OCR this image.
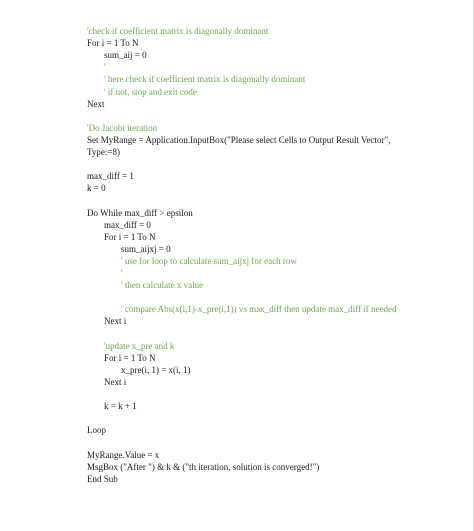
'check if coefficient matrix is diagonally dominant
For i = 1 To N
sum_aij = 0
'
' here check if coefficient matrix is diagonally dominant
' if not, stop and exit code
Next
'Do Jacobi iteration
Set MyRange = Application.InputBox("Please select Cells to Output Result Vector",
Type:=8)
max_diff = 1
k = 0
Do While max_diff > epsilon
max_diff = 0
For i = 1 To N
sum_aijxj = 0
' use for loop to calculate sum_aijxj for each row
'
' then calculate x value
' compare Abs(x(i,1)-x_pre(i,1)) vs max_diff then update max_diff if needed
Next i
'update x_pre and k
For i = 1 To N
x_pre(i, 1) = x(i, 1)
Next i
k = k + 1
Loop
MyRange.Value = x
MsgBox ("After ") & k & ("th iteration, solution is converged!")
End Sub
